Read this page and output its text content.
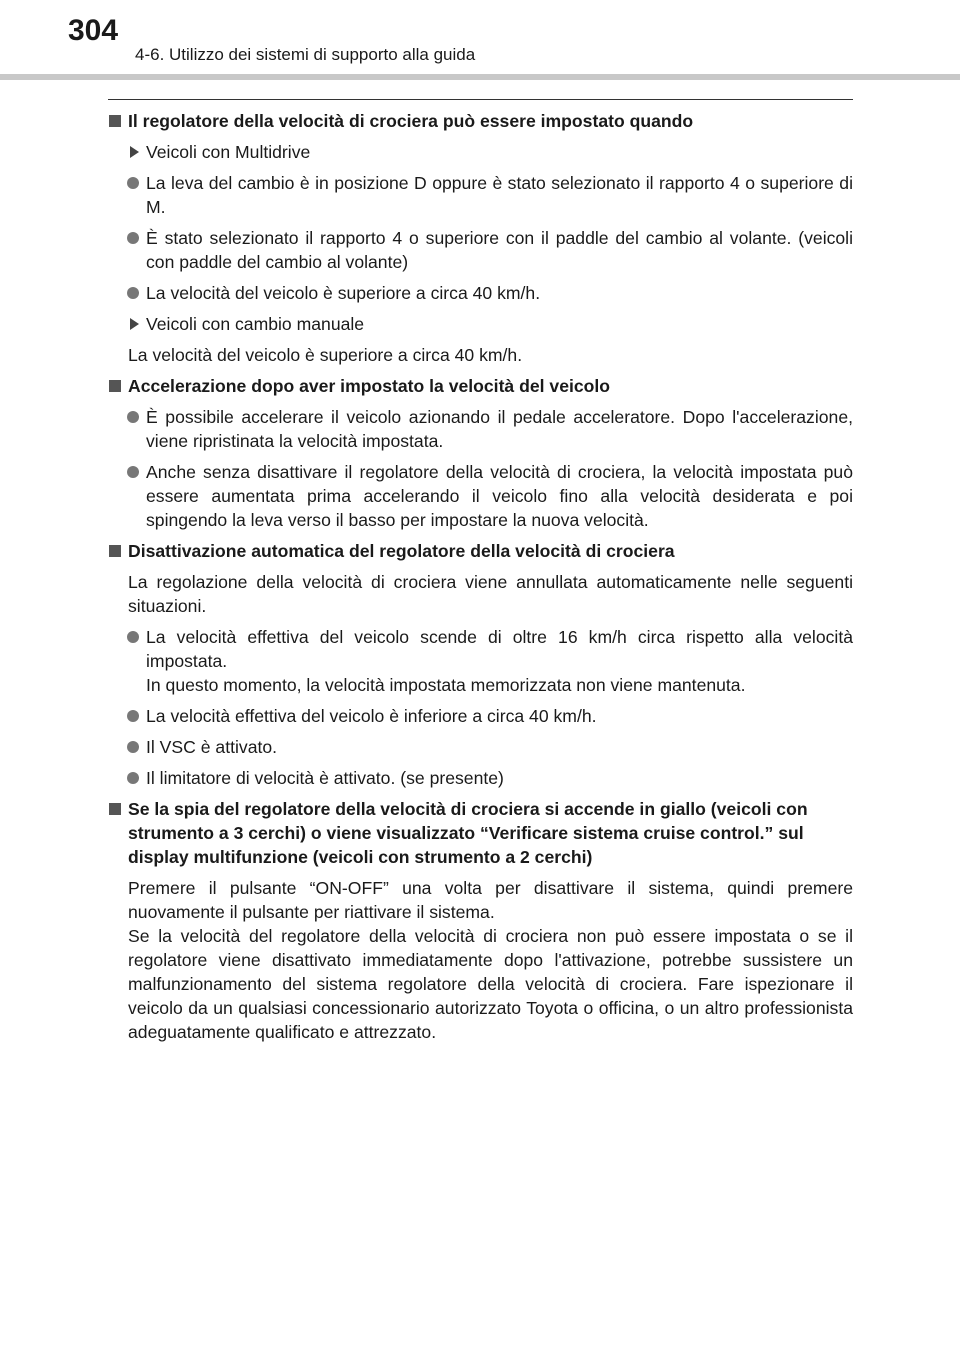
304
4-6. Utilizzo dei sistemi di supporto alla guida
Il regolatore della velocità di crociera può essere impostato quando
Veicoli con Multidrive
La leva del cambio è in posizione D oppure è stato selezionato il rapporto 4 o superiore di M.
È stato selezionato il rapporto 4 o superiore con il paddle del cambio al volante. (veicoli con paddle del cambio al volante)
La velocità del veicolo è superiore a circa 40 km/h.
Veicoli con cambio manuale
La velocità del veicolo è superiore a circa 40 km/h.
Accelerazione dopo aver impostato la velocità del veicolo
È possibile accelerare il veicolo azionando il pedale acceleratore. Dopo l'accelerazione, viene ripristinata la velocità impostata.
Anche senza disattivare il regolatore della velocità di crociera, la velocità impostata può essere aumentata prima accelerando il veicolo fino alla velocità desiderata e poi spingendo la leva verso il basso per impostare la nuova velocità.
Disattivazione automatica del regolatore della velocità di crociera
La regolazione della velocità di crociera viene annullata automaticamente nelle seguenti situazioni.
La velocità effettiva del veicolo scende di oltre 16 km/h circa rispetto alla velocità impostata.
In questo momento, la velocità impostata memorizzata non viene mantenuta.
La velocità effettiva del veicolo è inferiore a circa 40 km/h.
Il VSC è attivato.
Il limitatore di velocità è attivato. (se presente)
Se la spia del regolatore della velocità di crociera si accende in giallo (veicoli con strumento a 3 cerchi) o viene visualizzato “Verificare sistema cruise control.” sul display multifunzione (veicoli con strumento a 2 cerchi)
Premere il pulsante “ON-OFF” una volta per disattivare il sistema, quindi premere nuovamente il pulsante per riattivare il sistema.
Se la velocità del regolatore della velocità di crociera non può essere impostata o se il regolatore viene disattivato immediatamente dopo l'attivazione, potrebbe sussistere un malfunzionamento del sistema regolatore della velocità di crociera. Fare ispezionare il veicolo da un qualsiasi concessionario autorizzato Toyota o officina, o un altro professionista adeguatamente qualificato e attrezzato.
